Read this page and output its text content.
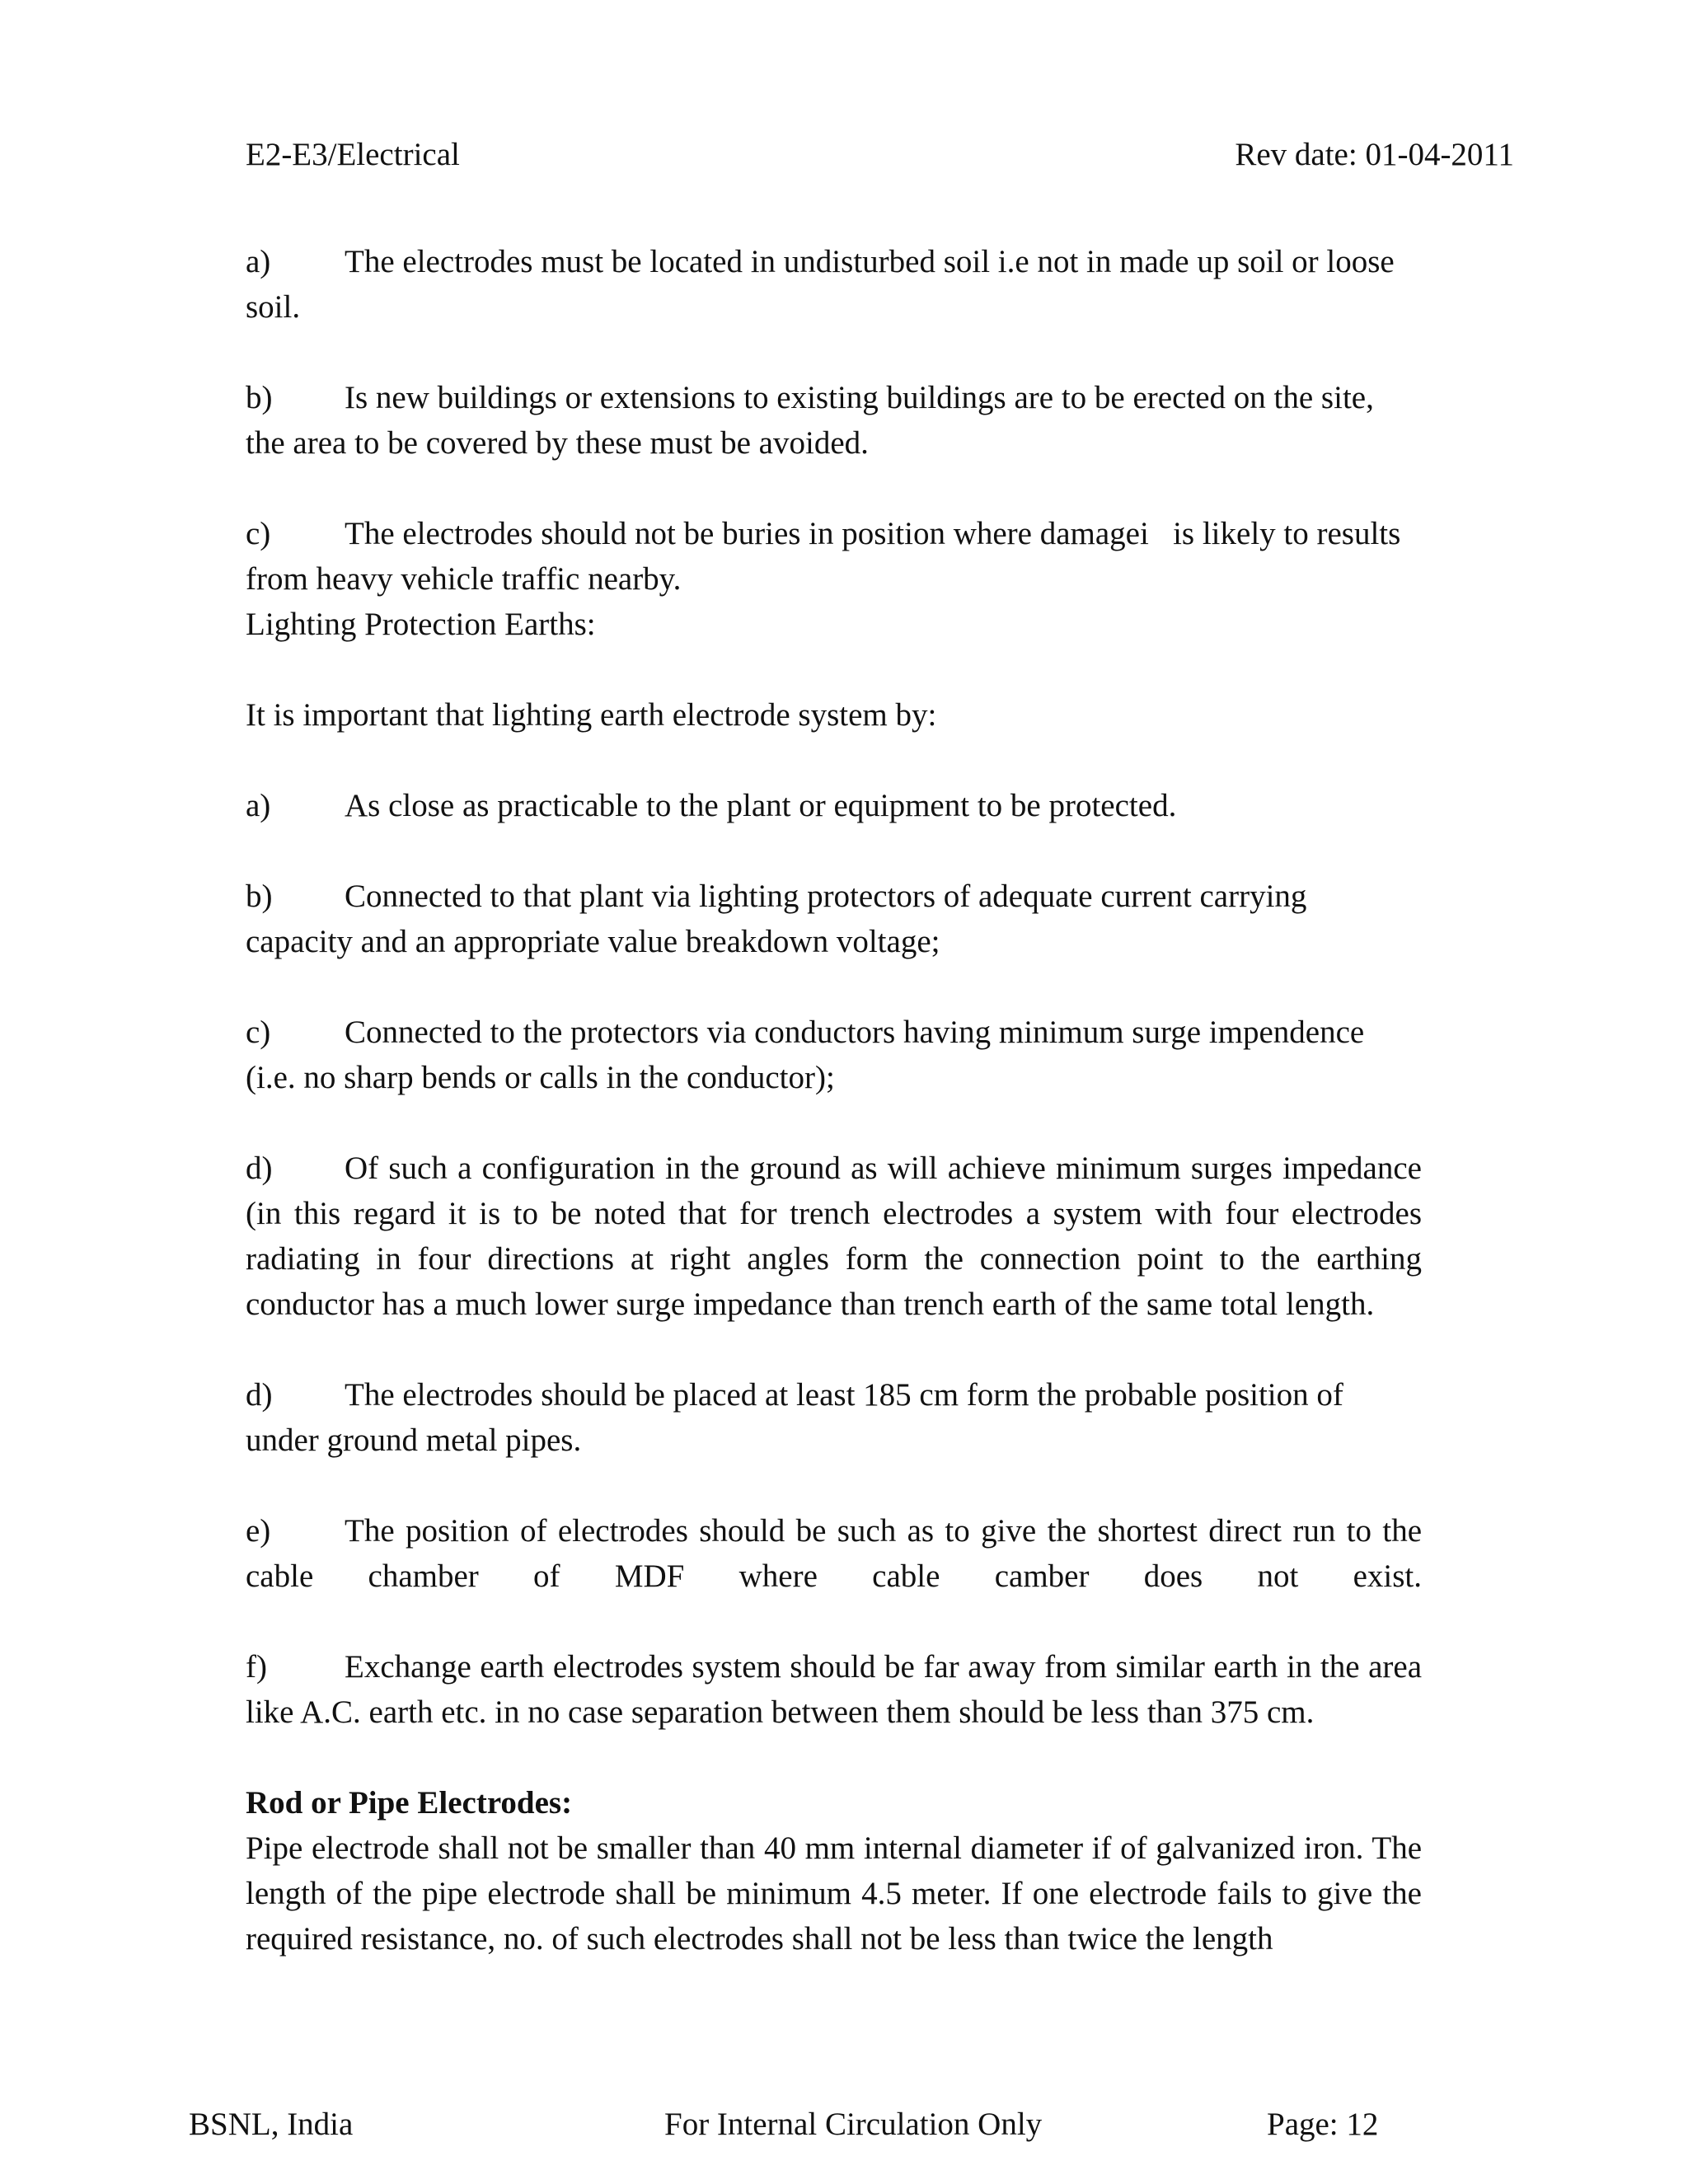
E2-E3/Electrical	Rev date: 01-04-2011
a) The electrodes must be located in undisturbed soil i.e not in made up soil or loose
soil.
b) Is new buildings or extensions to existing buildings are to be erected on the site,
the area to be covered by these must be avoided.
c) The electrodes should not be buries in position where damagei   is likely to results
from heavy vehicle traffic nearby.
Lighting Protection Earths:
It is important that lighting earth electrode system by:
a) As close as practicable to the plant or equipment to be protected.
b) Connected to that plant via lighting protectors of adequate current carrying
capacity and an appropriate value breakdown voltage;
c) Connected to the protectors via conductors having minimum surge impendence
(i.e. no sharp bends or calls in the conductor);
d) Of such a configuration in the ground as will achieve minimum surges impedance (in this regard it is to be noted that for trench electrodes a system with four electrodes radiating in four directions at right angles form the connection point to the earthing conductor has a much lower surge impedance than trench earth of the same total length.
d) The electrodes should be placed at least 185 cm form the probable position of
under ground metal pipes.
e) The position of electrodes should be such as to give the shortest direct run to the cable chamber of MDF where cable camber does not exist.
f) Exchange earth electrodes system should be far away from similar earth in the area like A.C. earth etc. in no case separation between them should be less than 375 cm.
Rod or Pipe Electrodes:
Pipe electrode shall not be smaller than 40 mm internal diameter if of galvanized iron. The length of the pipe electrode shall be minimum 4.5 meter. If one electrode fails to give the required resistance, no. of such electrodes shall not be less than twice the length
BSNL, India	For Internal Circulation Only	Page: 12
